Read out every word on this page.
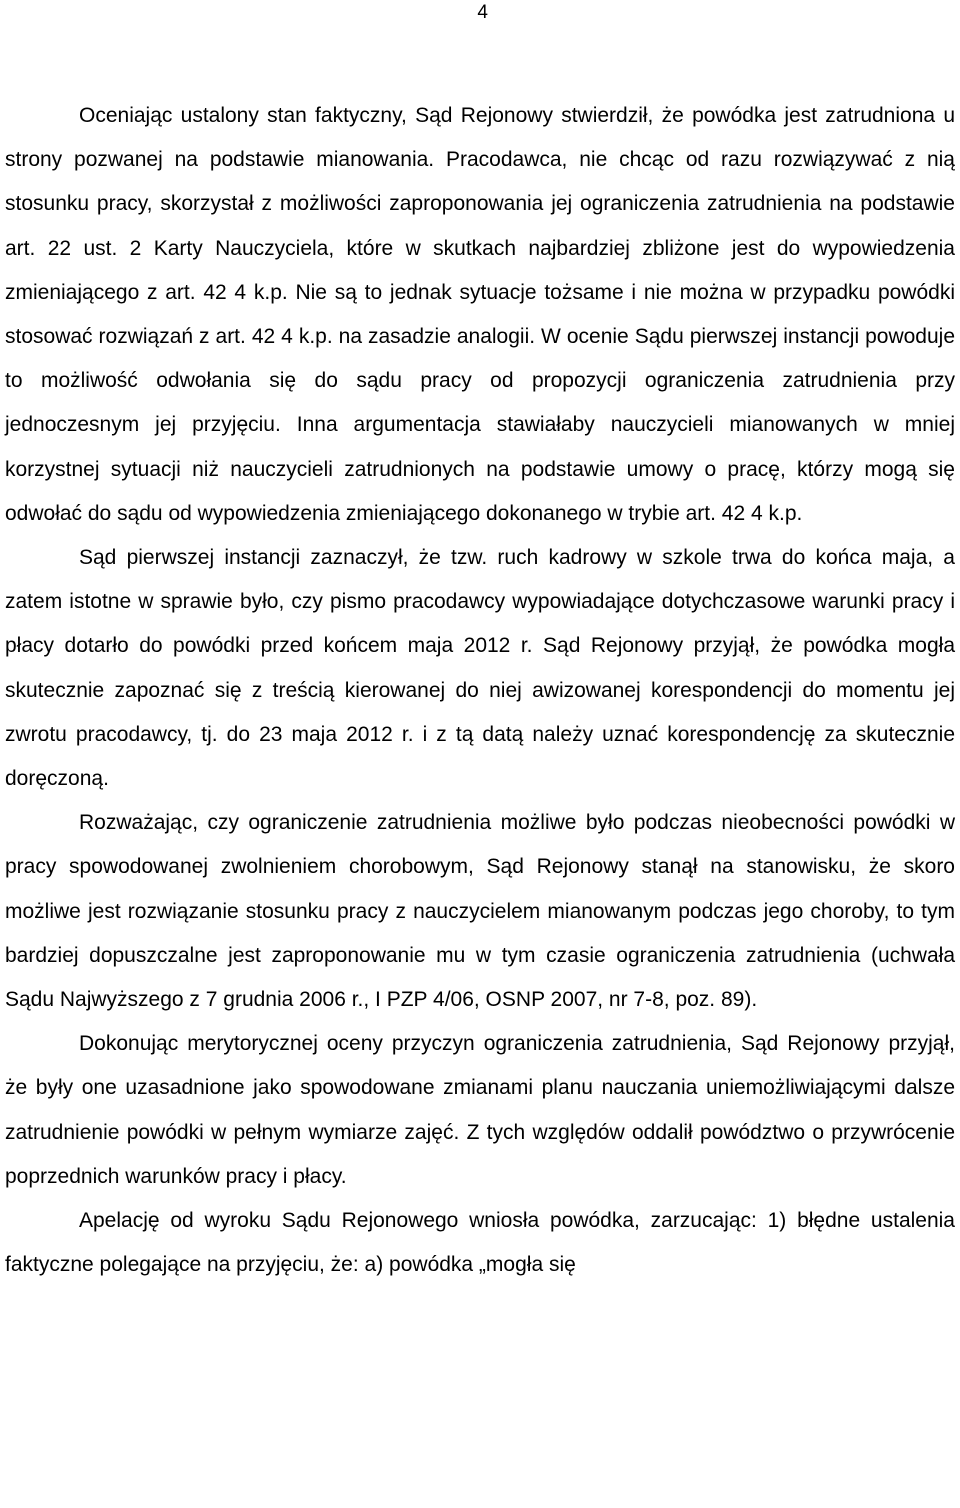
4

Oceniając ustalony stan faktyczny, Sąd Rejonowy stwierdził, że powódka jest zatrudniona u strony pozwanej na podstawie mianowania. Pracodawca, nie chcąc od razu rozwiązywać z nią stosunku pracy, skorzystał z możliwości zaproponowania jej ograniczenia zatrudnienia na podstawie art. 22 ust. 2 Karty Nauczyciela, które w skutkach najbardziej zbliżone jest do wypowiedzenia zmieniającego z art. 42 4 k.p. Nie są to jednak sytuacje tożsame i nie można w przypadku powódki stosować rozwiązań z art. 42 4 k.p. na zasadzie analogii. W ocenie Sądu pierwszej instancji powoduje to możliwość odwołania się do sądu pracy od propozycji ograniczenia zatrudnienia przy jednoczesnym jej przyjęciu. Inna argumentacja stawiałaby nauczycieli mianowanych w mniej korzystnej sytuacji niż nauczycieli zatrudnionych na podstawie umowy o pracę, którzy mogą się odwołać do sądu od wypowiedzenia zmieniającego dokonanego w trybie art. 42 4 k.p.

Sąd pierwszej instancji zaznaczył, że tzw. ruch kadrowy w szkole trwa do końca maja, a zatem istotne w sprawie było, czy pismo pracodawcy wypowiadające dotychczasowe warunki pracy i płacy dotarło do powódki przed końcem maja 2012 r. Sąd Rejonowy przyjął, że powódka mogła skutecznie zapoznać się z treścią kierowanej do niej awizowanej korespondencji do momentu jej zwrotu pracodawcy, tj. do 23 maja 2012 r. i z tą datą należy uznać korespondencję za skutecznie doręczoną.

Rozważając, czy ograniczenie zatrudnienia możliwe było podczas nieobecności powódki w pracy spowodowanej zwolnieniem chorobowym, Sąd Rejonowy stanął na stanowisku, że skoro możliwe jest rozwiązanie stosunku pracy z nauczycielem mianowanym podczas jego choroby, to tym bardziej dopuszczalne jest zaproponowanie mu w tym czasie ograniczenia zatrudnienia (uchwała Sądu Najwyższego z 7 grudnia 2006 r., I PZP 4/06, OSNP 2007, nr 7-8, poz. 89).

Dokonując merytorycznej oceny przyczyn ograniczenia zatrudnienia, Sąd Rejonowy przyjął, że były one uzasadnione jako spowodowane zmianami planu nauczania uniemożliwiającymi dalsze zatrudnienie powódki w pełnym wymiarze zajęć. Z tych względów oddalił powództwo o przywrócenie poprzednich warunków pracy i płacy.

Apelację od wyroku Sądu Rejonowego wniosła powódka, zarzucając: 1) błędne ustalenia faktyczne polegające na przyjęciu, że: a) powódka „mogła się
